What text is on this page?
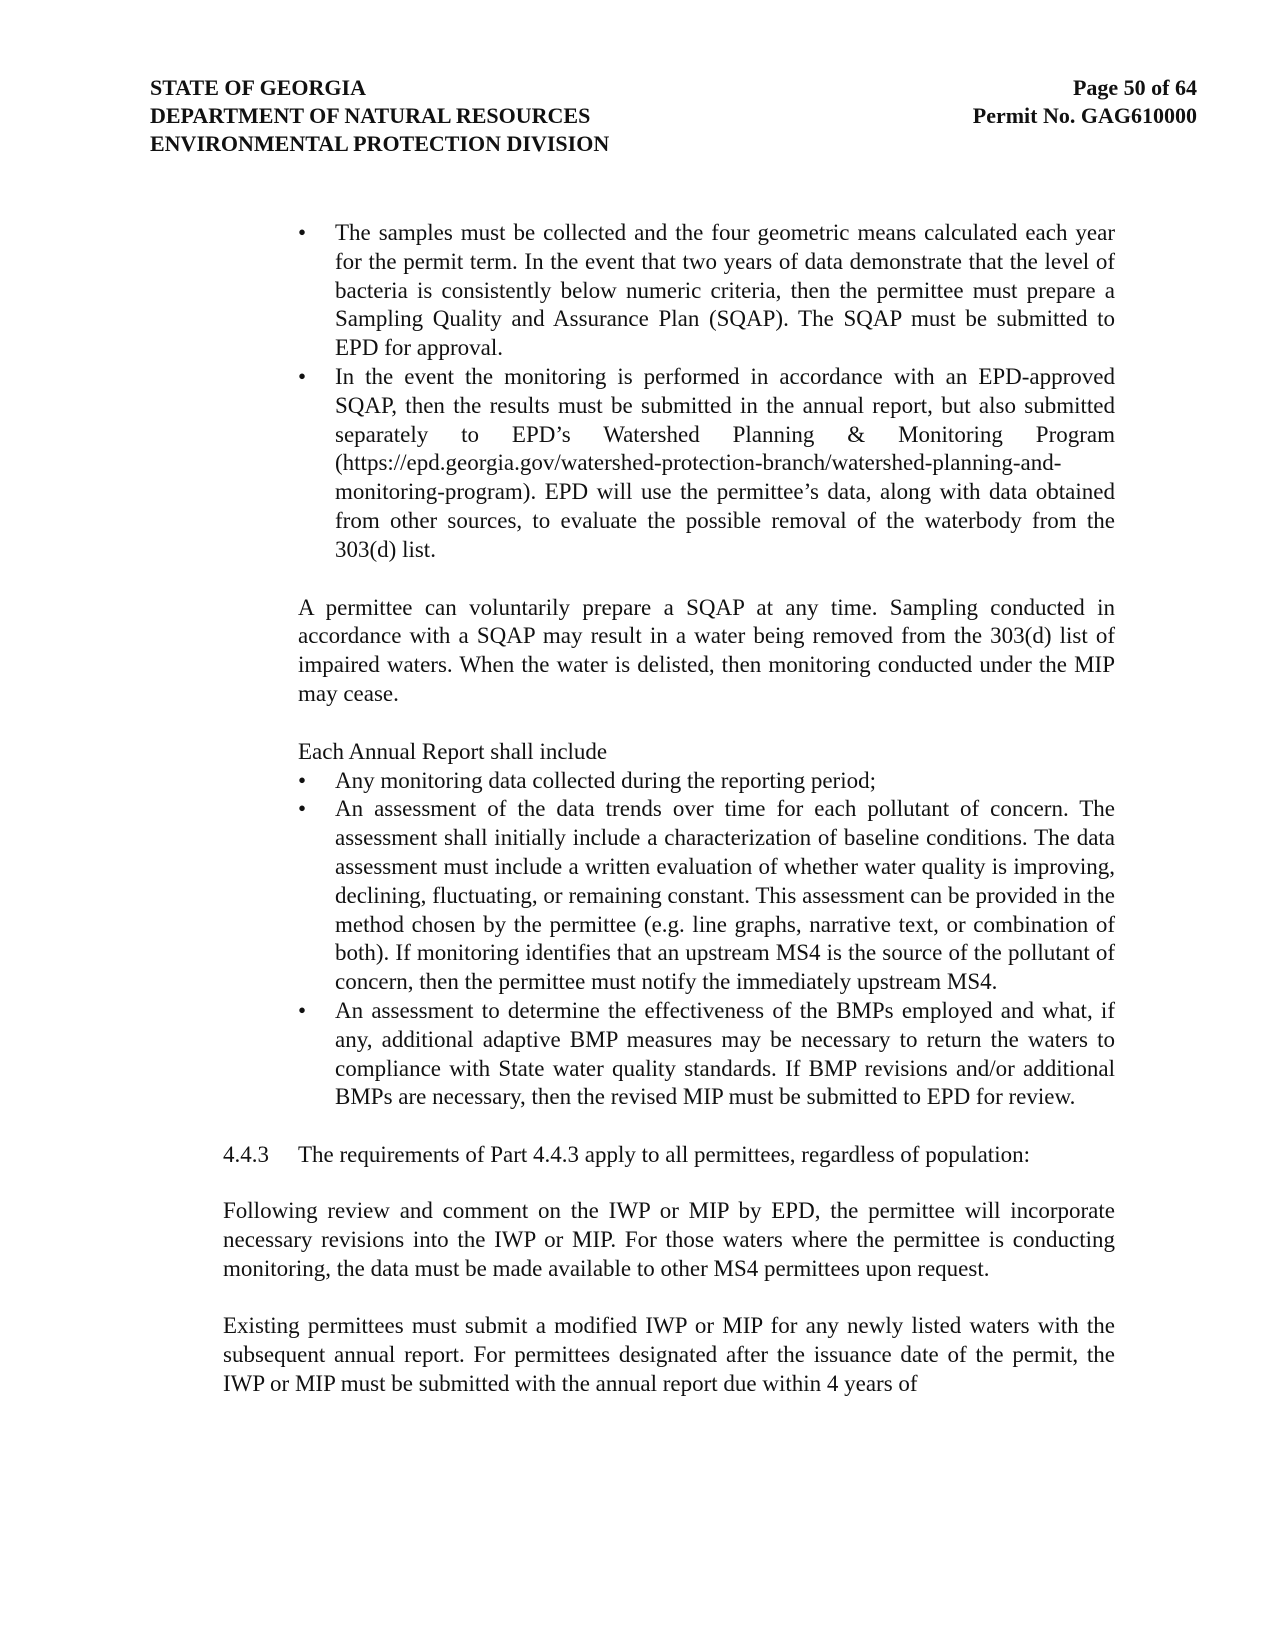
STATE OF GEORGIA
DEPARTMENT OF NATURAL RESOURCES
ENVIRONMENTAL PROTECTION DIVISION
Page 50 of 64
Permit No. GAG610000
•	The samples must be collected and the four geometric means calculated each year for the permit term. In the event that two years of data demonstrate that the level of bacteria is consistently below numeric criteria, then the permittee must prepare a Sampling Quality and Assurance Plan (SQAP). The SQAP must be submitted to EPD for approval.
•	In the event the monitoring is performed in accordance with an EPD-approved SQAP, then the results must be submitted in the annual report, but also submitted separately to EPD’s Watershed Planning & Monitoring Program (https://epd.georgia.gov/watershed-protection-branch/watershed-planning-and-monitoring-program). EPD will use the permittee’s data, along with data obtained from other sources, to evaluate the possible removal of the waterbody from the 303(d) list.

A permittee can voluntarily prepare a SQAP at any time. Sampling conducted in accordance with a SQAP may result in a water being removed from the 303(d) list of impaired waters. When the water is delisted, then monitoring conducted under the MIP may cease.

Each Annual Report shall include

•	Any monitoring data collected during the reporting period;
•	An assessment of the data trends over time for each pollutant of concern. The assessment shall initially include a characterization of baseline conditions. The data assessment must include a written evaluation of whether water quality is improving, declining, fluctuating, or remaining constant. This assessment can be provided in the method chosen by the permittee (e.g. line graphs, narrative text, or combination of both). If monitoring identifies that an upstream MS4 is the source of the pollutant of concern, then the permittee must notify the immediately upstream MS4.
•	An assessment to determine the effectiveness of the BMPs employed and what, if any, additional adaptive BMP measures may be necessary to return the waters to compliance with State water quality standards. If BMP revisions and/or additional BMPs are necessary, then the revised MIP must be submitted to EPD for review.
4.4.3	The requirements of Part 4.4.3 apply to all permittees, regardless of population:

Following review and comment on the IWP or MIP by EPD, the permittee will incorporate necessary revisions into the IWP or MIP. For those waters where the permittee is conducting monitoring, the data must be made available to other MS4 permittees upon request.

Existing permittees must submit a modified IWP or MIP for any newly listed waters with the subsequent annual report. For permittees designated after the issuance date of the permit, the IWP or MIP must be submitted with the annual report due within 4 years of
